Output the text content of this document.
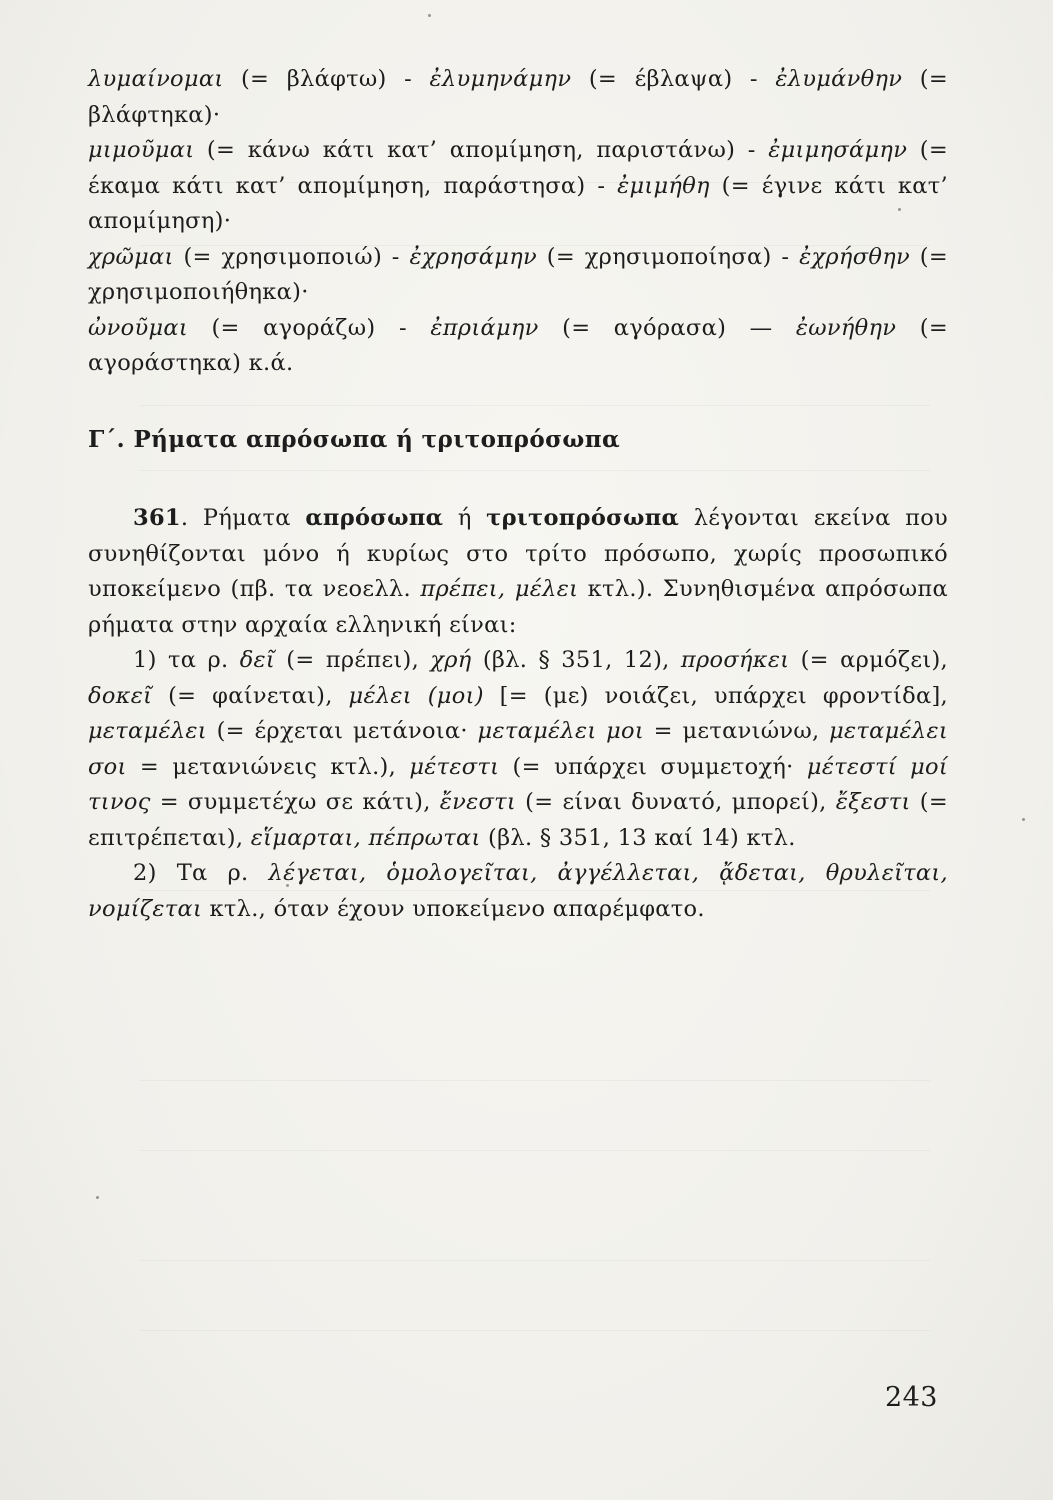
λυμαίνομαι (= βλάφτω) - ἐλυμηνάμην (= έβλαψα) - ἐλυμάνθην (= βλάφτηκα)·

μιμοῦμαι (= κάνω κάτι κατ’ απομίμηση, παριστάνω) - ἐμιμησάμην (= έκαμα κάτι κατ’ απομίμηση, παράστησα) - ἐμιμήθη (= έγινε κάτι κατ’ απομίμηση)·

χρῶμαι (= χρησιμοποιώ) - ἐχρησάμην (= χρησιμοποίησα) - ἐχρήσθην (= χρησιμοποιήθηκα)·

ὠνοῦμαι (= αγοράζω) - ἐπριάμην (= αγόρασα) — ἐωνήθην (= αγοράστηκα) κ.ά.

Γ΄. Ρήματα απρόσωπα ή τριτοπρόσωπα

361. Ρήματα απρόσωπα ή τριτοπρόσωπα λέγονται εκείνα που συνηθίζονται μόνο ή κυρίως στο τρίτο πρόσωπο, χωρίς προσωπικό υποκείμενο (πβ. τα νεοελλ. πρέπει, μέλει κτλ.). Συνηθισμένα απρόσωπα ρήματα στην αρχαία ελληνική είναι:

1) τα ρ. δεῖ (= πρέπει), χρή (βλ. § 351, 12), προσήκει (= αρμόζει), δοκεῖ (= φαίνεται), μέλει (μοι) [= (με) νοιάζει, υπάρχει φροντίδα], μεταμέλει (= έρχεται μετάνοια· μεταμέλει μοι = μετανιώνω, μεταμέλει σοι = μετανιώνεις κτλ.), μέτεστι (= υπάρχει συμμετοχή· μέτεστί μοί τινος = συμμετέχω σε κάτι), ἔνεστι (= είναι δυνατό, μπορεί), ἔξεστι (= επιτρέπεται), εἵμαρται, πέπρωται (βλ. § 351, 13 καί 14) κτλ.

2) Τα ρ. λέγεται, ὁμολογεῖται, ἀγγέλλεται, ᾄδεται, θρυλεῖται, νομίζεται κτλ., όταν έχουν υποκείμενο απαρέμφατο.

243
